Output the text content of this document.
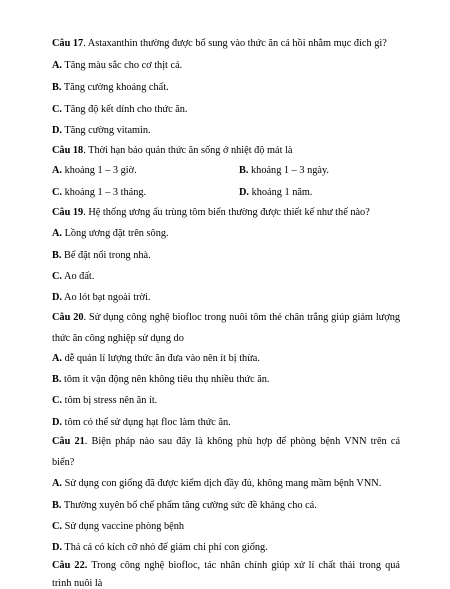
Câu 17. Astaxanthin thường được bổ sung vào thức ăn cá hồi nhằm mục đích gì?
A. Tăng màu sắc cho cơ thịt cá.
B. Tăng cường khoáng chất.
C. Tăng độ kết dính cho thức ăn.
D. Tăng cường vitamin.
Câu 18. Thời hạn bảo quản thức ăn sống ở nhiệt độ mát là
A. khoảng 1 – 3 giờ.	B. khoảng 1 – 3 ngày.
C. khoảng 1 – 3 tháng.	D. khoảng 1 năm.
Câu 19. Hệ thống ương ấu trùng tôm biển thường được thiết kế như thế nào?
A. Lồng ương đặt trên sông.
B. Bể đặt nổi trong nhà.
C. Ao đất.
D. Ao lót bạt ngoài trời.
Câu 20. Sử dụng công nghệ biofloc trong nuôi tôm thẻ chân trắng giúp giảm lượng
thức ăn công nghiệp sử dụng do
A. dễ quản lí lượng thức ăn đưa vào nên ít bị thừa.
B. tôm ít vận động nên không tiêu thụ nhiều thức ăn.
C. tôm bị stress nên ăn ít.
D. tôm có thể sử dụng hạt floc làm thức ăn.
Câu 21. Biện pháp nào sau đây là không phù hợp để phòng bệnh VNN trên cá
biển?
A. Sử dụng con giống đã được kiểm dịch đầy đủ, không mang mầm bệnh VNN.
B. Thường xuyên bổ chế phẩm tăng cường sức đề kháng cho cá.
C. Sử dụng vaccine phòng bệnh
D. Thả cá có kích cỡ nhỏ để giảm chi phí con giống.
Câu 22. Trong công nghệ biofloc, tác nhân chính giúp xử lí chất thải trong quá
trình nuôi là
